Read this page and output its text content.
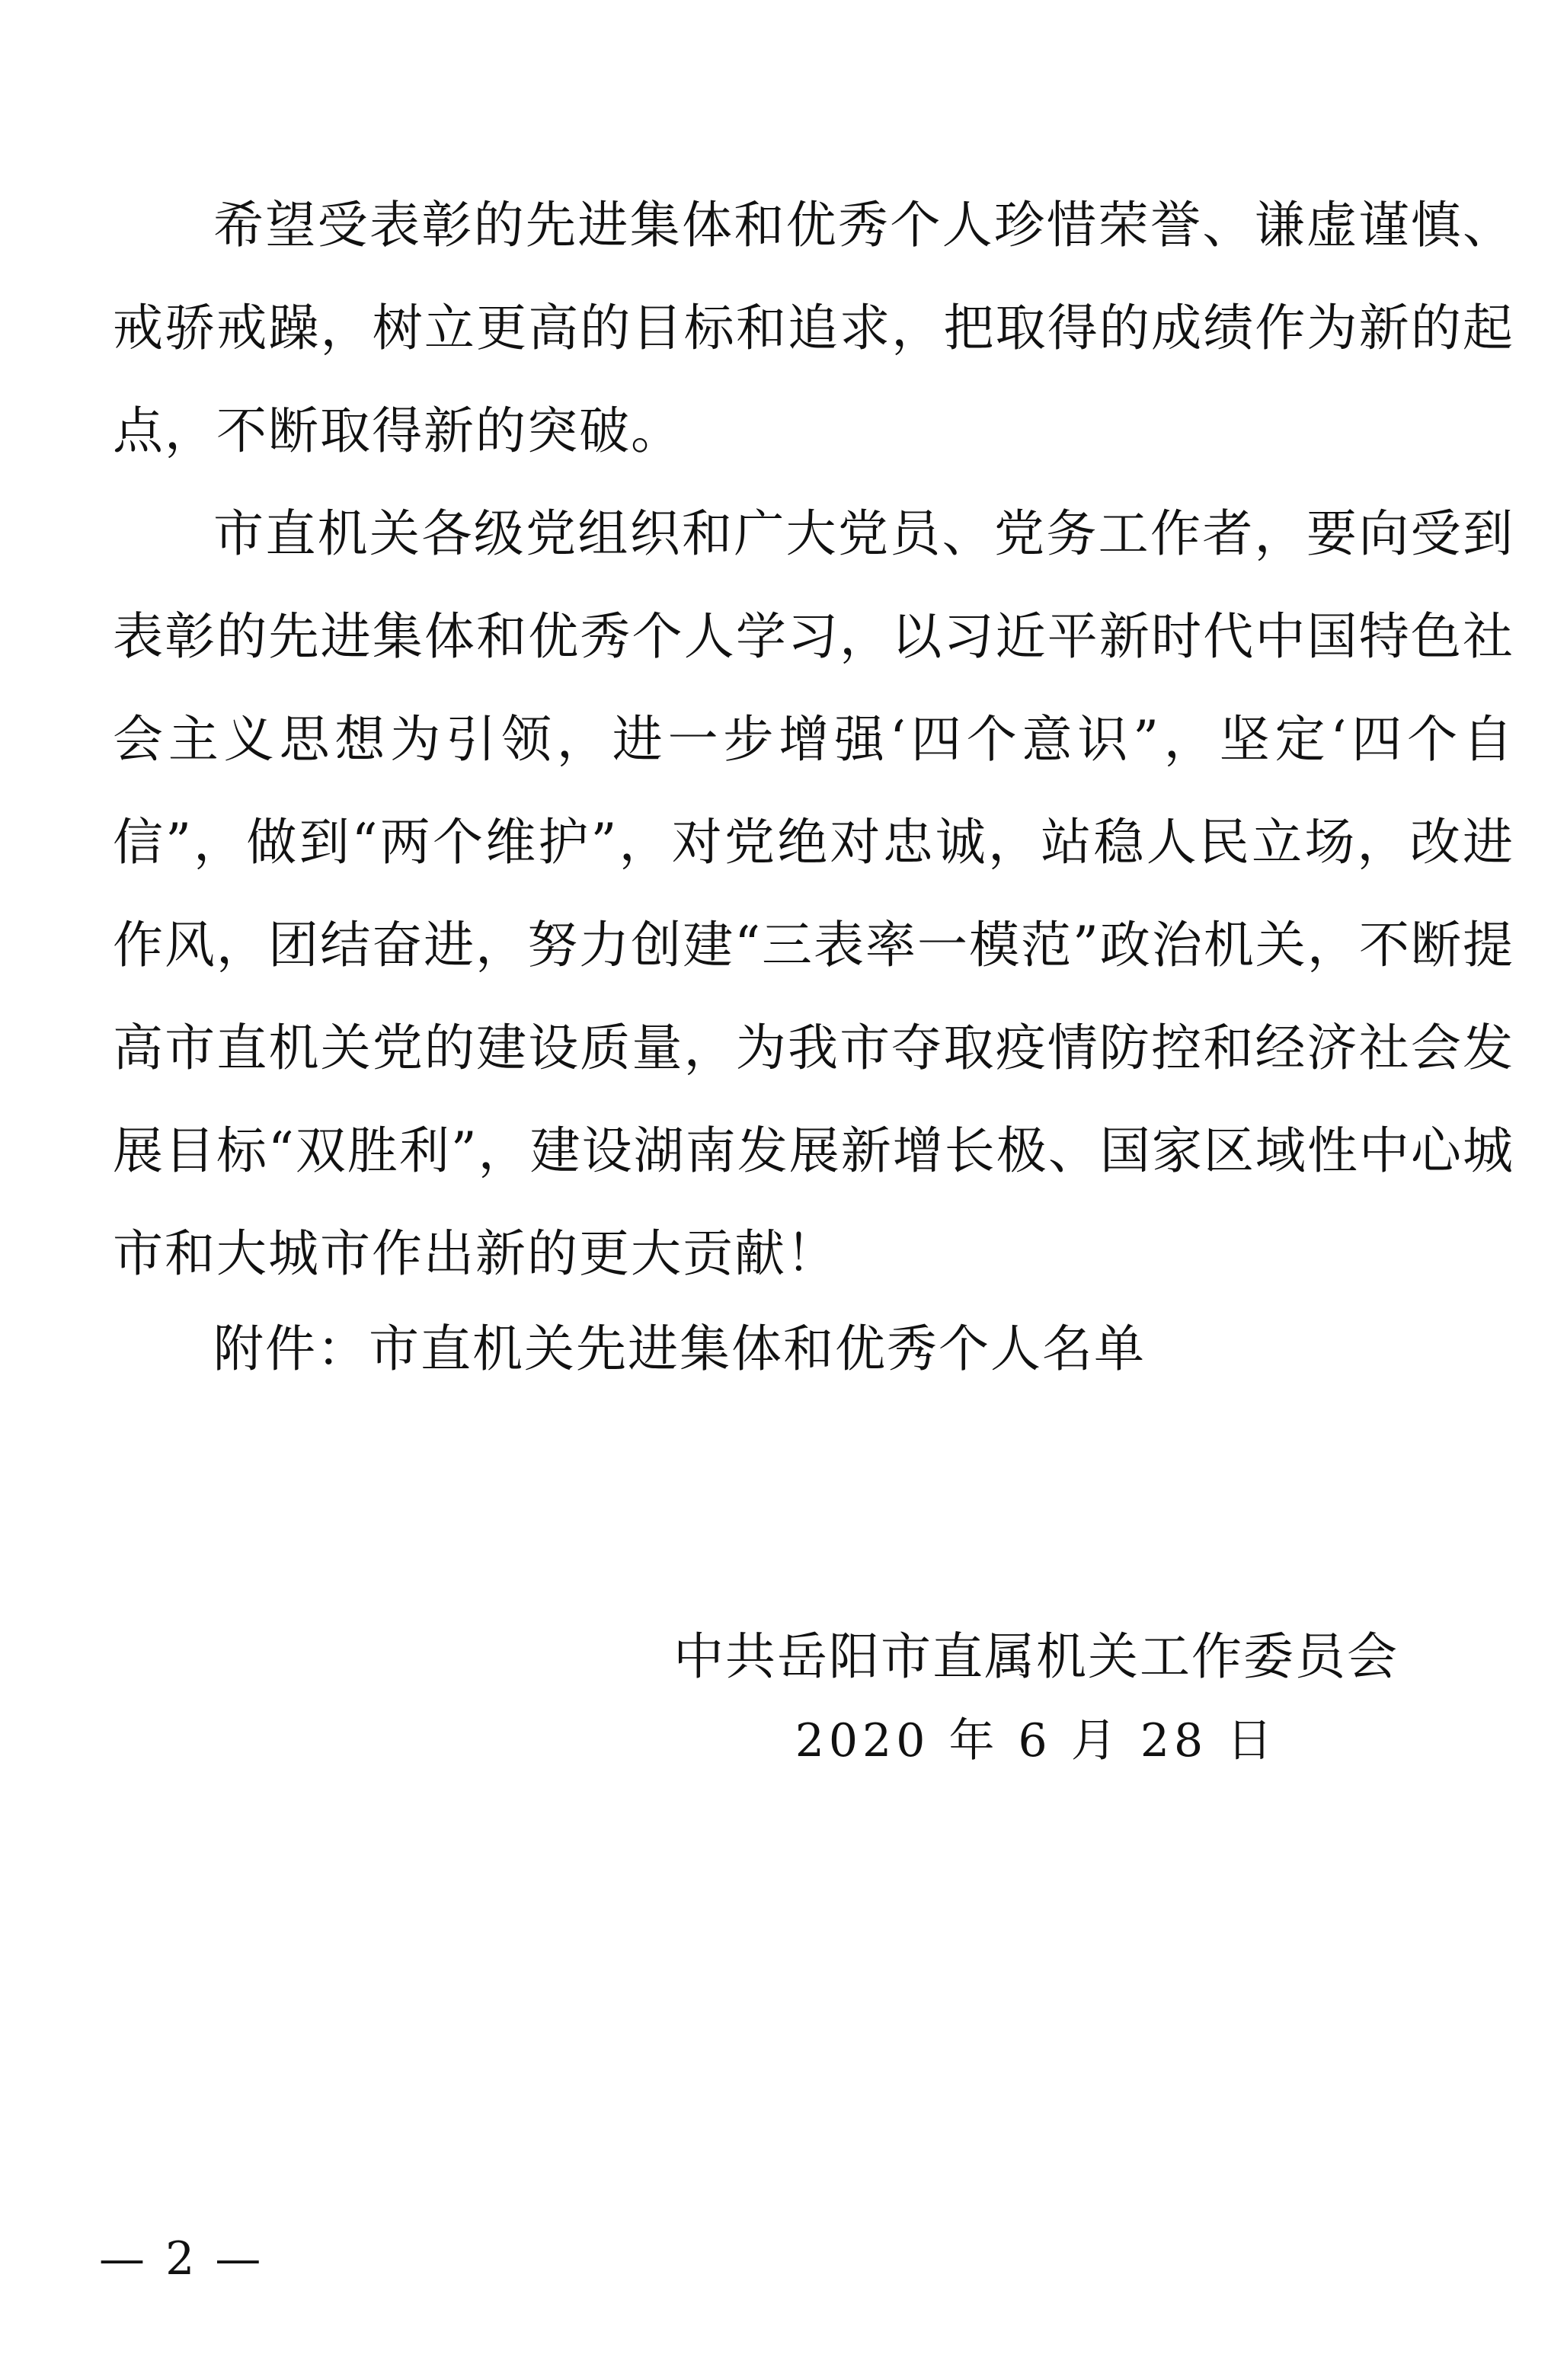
希望受表彰的先进集体和优秀个人珍惜荣誉、谦虚谨慎、戒骄戒躁，树立更高的目标和追求，把取得的成绩作为新的起点，不断取得新的突破。

市直机关各级党组织和广大党员、党务工作者，要向受到表彰的先进集体和优秀个人学习，以习近平新时代中国特色社会主义思想为引领，进一步增强‘四个意识”，坚定‘四个自信”，做到“两个维护”，对党绝对忠诚，站稳人民立场，改进作风，团结奋进，努力创建“三表率一模范”政治机关，不断提高市直机关党的建设质量，为我市夺取疫情防控和经济社会发展目标“双胜利”，建设湖南发展新增长极、国家区域性中心城市和大城市作出新的更大贡献！

附件：市直机关先进集体和优秀个人名单
中共岳阳市直属机关工作委员会
2020 年 6 月 28 日
— 2 —
